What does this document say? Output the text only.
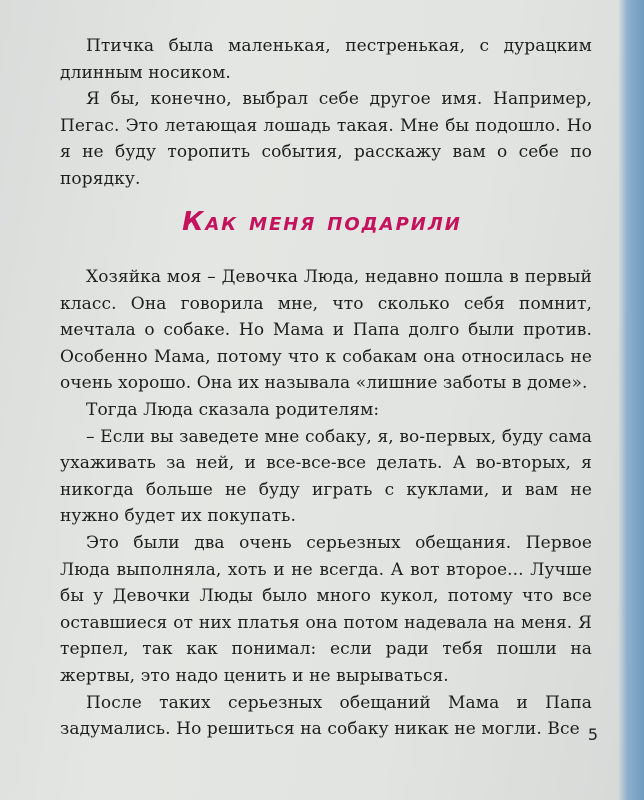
Птичка была маленькая, пестренькая, с дурацким длинным носиком.

Я бы, конечно, выбрал себе другое имя. Например, Пегас. Это летающая лошадь такая. Мне бы подошло. Но я не буду торопить события, расскажу вам о себе по порядку.

Как меня подарили

Хозяйка моя – Девочка Люда, недавно пошла в первый класс. Она говорила мне, что сколько себя помнит, мечтала о собаке. Но Мама и Папа долго были против. Особенно Мама, потому что к собакам она относилась не очень хорошо. Она их называла «лишние заботы в доме».

Тогда Люда сказала родителям:

– Если вы заведете мне собаку, я, во-первых, буду сама ухаживать за ней, и все-все-все делать. А во-вторых, я никогда больше не буду играть с куклами, и вам не нужно будет их покупать.

Это были два очень серьезных обещания. Первое Люда выполняла, хоть и не всегда. А вот второе... Лучше бы у Девочки Люды было много кукол, потому что все оставшиеся от них платья она потом надевала на меня. Я терпел, так как понимал: если ради тебя пошли на жертвы, это надо ценить и не вырываться.

После таких серьезных обещаний Мама и Папа задумались. Но решиться на собаку никак не могли. Все 5
